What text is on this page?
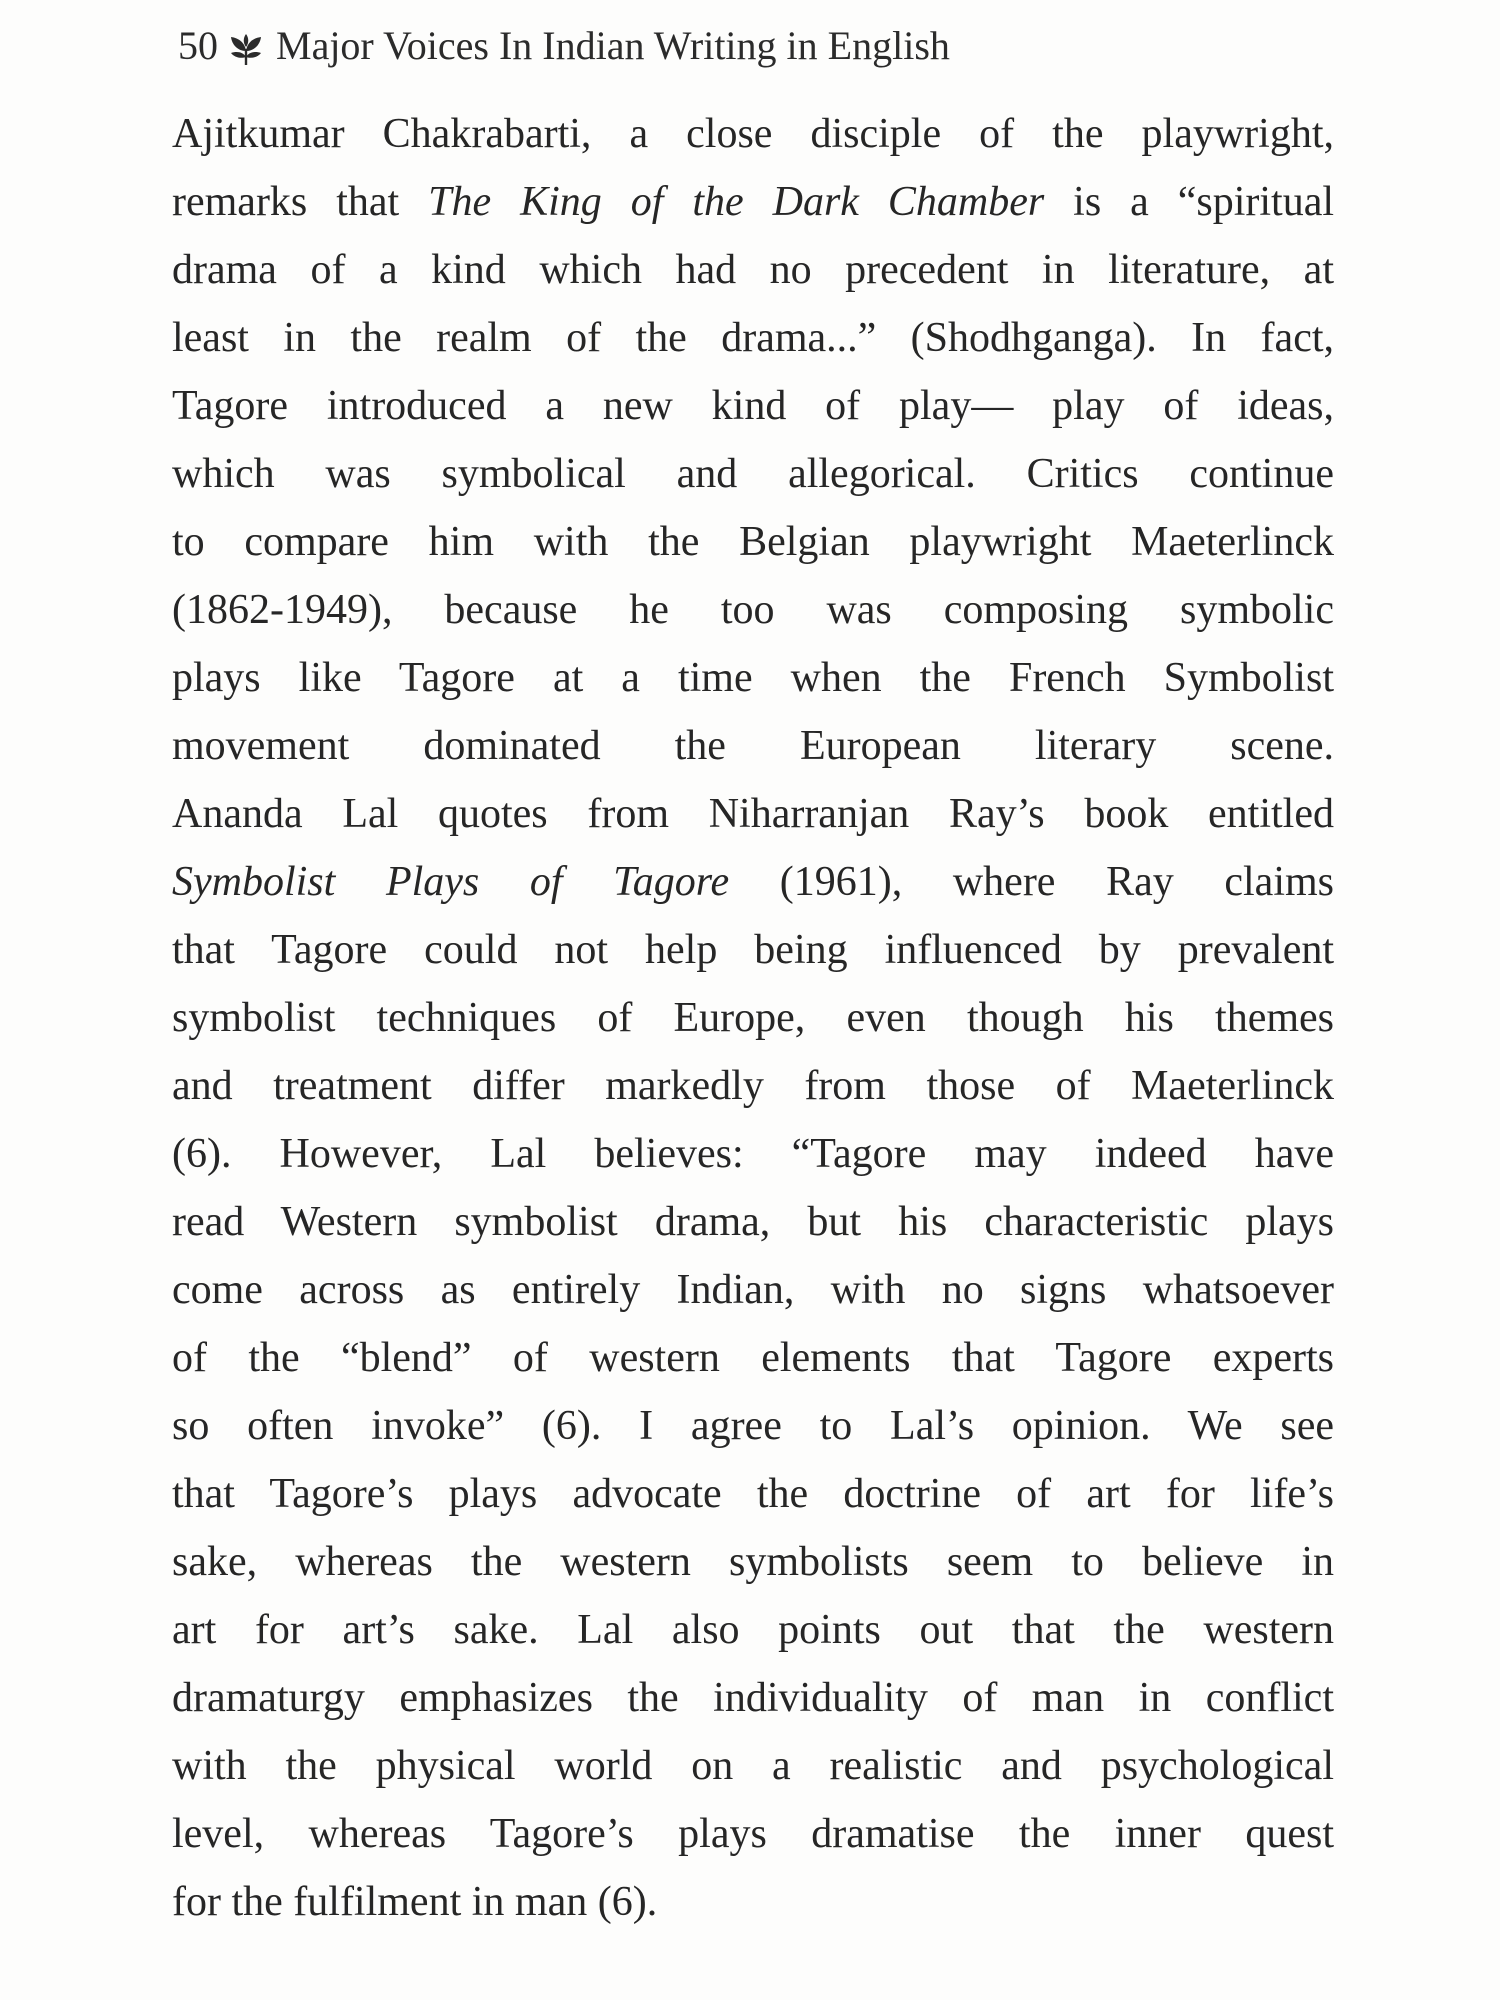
50 Major Voices In Indian Writing in English
Ajitkumar Chakrabarti, a close disciple of the playwright,
remarks that The King of the Dark Chamber is a “spiritual
drama of a kind which had no precedent in literature, at
least in the realm of the drama...” (Shodhganga). In fact,
Tagore introduced a new kind of play— play of ideas,
which was symbolical and allegorical. Critics continue
to compare him with the Belgian playwright Maeterlinck
(1862-1949), because he too was composing symbolic
plays like Tagore at a time when the French Symbolist
movement dominated the European literary scene.
Ananda Lal quotes from Niharranjan Ray’s book entitled
Symbolist Plays of Tagore (1961), where Ray claims
that Tagore could not help being influenced by prevalent
symbolist techniques of Europe, even though his themes
and treatment differ markedly from those of Maeterlinck
(6). However, Lal believes: “Tagore may indeed have
read Western symbolist drama, but his characteristic plays
come across as entirely Indian, with no signs whatsoever
of the “blend” of western elements that Tagore experts
so often invoke” (6). I agree to Lal’s opinion. We see
that Tagore’s plays advocate the doctrine of art for life’s
sake, whereas the western symbolists seem to believe in
art for art’s sake. Lal also points out that the western
dramaturgy emphasizes the individuality of man in conflict
with the physical world on a realistic and psychological
level, whereas Tagore’s plays dramatise the inner quest
for the fulfilment in man (6).
